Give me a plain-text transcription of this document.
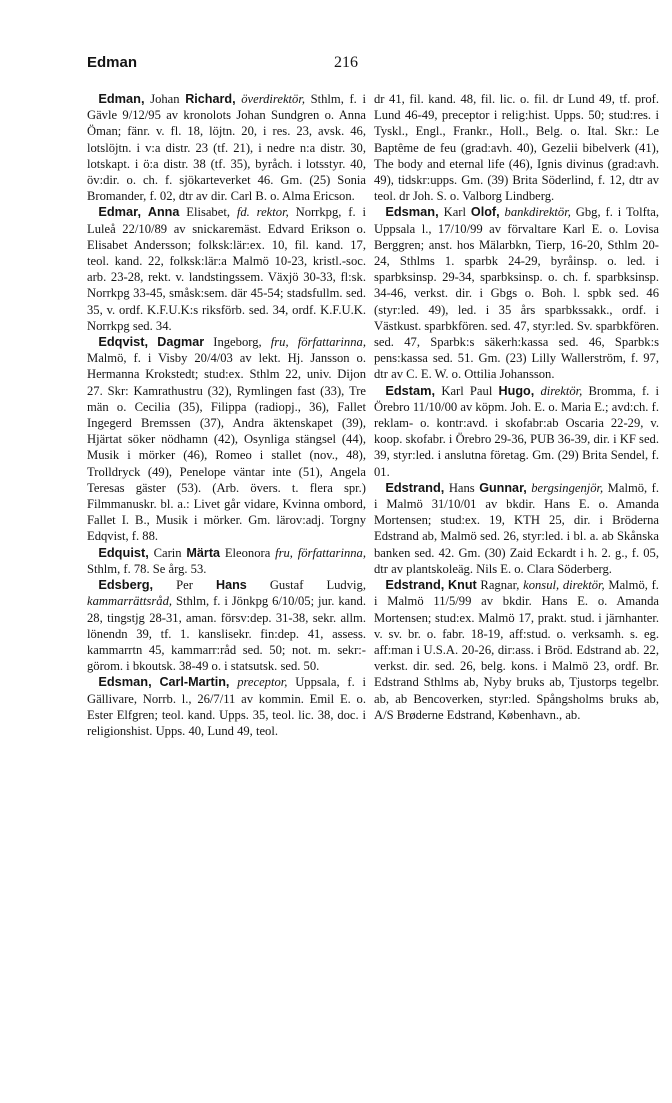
Edman	216

Edman, Johan Richard, överdirektör, Sthlm, f. i Gävle 9/12/95 av kronolots Johan Sundgren o. Anna Öman; fänr. v. fl. 18, löjtn. 20, i res. 23, avsk. 46, lotslöjtn. i v:a distr. 23 (tf. 21), i nedre n:a distr. 30, lotskapt. i ö:a distr. 38 (tf. 35), byråch. i lotsstyr. 40, öv:dir. o. ch. f. sjökarteverket 46. Gm. (25) Sonia Bromander, f. 02, dtr av dir. Carl B. o. Alma Ericson.

Edmar, Anna Elisabet, fd. rektor, Norrkpg, f. i Luleå 22/10/89 av snickaremäst. Edvard Erikson o. Elisabet Andersson; folksk:lär:ex. 10, fil. kand. 17, teol. kand. 22, folksk:lär:a Malmö 10-23, kristl.-soc. arb. 23-28, rekt. v. landstingssem. Växjö 30-33, fl:sk. Norrkpg 33-45, småsk:sem. där 45-54; stadsfullm. sed. 35, v. ordf. K.F.U.K:s riksförb. sed. 34, ordf. K.F.U.K. Norrkpg sed. 34.

Edqvist, Dagmar Ingeborg, fru, författarinna, Malmö, f. i Visby 20/4/03 av lekt. Hj. Jansson o. Hermanna Krokstedt; stud:ex. Sthlm 22, univ. Dijon 27. Skr: Kamrathustru (32), Rymlingen fast (33), Tre män o. Cecilia (35), Filippa (radiopj., 36), Fallet Ingegerd Bremssen (37), Andra äktenskapet (39), Hjärtat söker nödhamn (42), Osynliga stängsel (44), Musik i mörker (46), Romeo i stallet (nov., 48), Trolldryck (49), Penelope väntar inte (51), Angela Teresas gäster (53). (Arb. övers. t. flera spr.) Filmmanuskr. bl. a.: Livet går vidare, Kvinna ombord, Fallet I. B., Musik i mörker. Gm. lärov:adj. Torgny Edqvist, f. 88.

Edquist, Carin Märta Eleonora fru, författarinna, Sthlm, f. 78. Se årg. 53.

Edsberg, Per Hans Gustaf Ludvig, kammarrättsråd, Sthlm, f. i Jönkpg 6/10/05; jur. kand. 28, tingstjg 28-31, aman. försv:dep. 31-38, sekr. allm. lönendn 39, tf. 1. kanslisekr. fin:dep. 41, assess. kammarrtn 45, kammarr:råd sed. 50; not. m. sekr:-görom. i bkoutsk. 38-49 o. i statsutsk. sed. 50.

Edsman, Carl-Martin, preceptor, Uppsala, f. i Gällivare, Norrb. l., 26/7/11 av kommin. Emil E. o. Ester Elfgren; teol. kand. Upps. 35, teol. lic. 38, doc. i religionshist. Upps. 40, Lund 49, teol.

dr 41, fil. kand. 48, fil. lic. o. fil. dr Lund 49, tf. prof. Lund 46-49, preceptor i relig:hist. Upps. 50; stud:res. i Tyskl., Engl., Frankr., Holl., Belg. o. Ital. Skr.: Le Baptême de feu (grad:avh. 40), Gezelii bibelverk (41), The body and eternal life (46), Ignis divinus (grad:avh. 49), tidskr:upps. Gm. (39) Brita Söderlind, f. 12, dtr av teol. dr Joh. S. o. Valborg Lindberg.

Edsman, Karl Olof, bankdirektör, Gbg, f. i Tolfta, Uppsala l., 17/10/99 av förvaltare Karl E. o. Lovisa Berggren; anst. hos Mälarbkn, Tierp, 16-20, Sthlm 20-24, Sthlms 1. sparbk 24-29, byråinsp. o. led. i sparbksinsp. 29-34, sparbksinsp. o. ch. f. sparbksinsp. 34-46, verkst. dir. i Gbgs o. Boh. l. spbk sed. 46 (styr:led. 49), led. i 35 års sparbkssakk., ordf. i Västkust. sparbkfören. sed. 47, styr:led. Sv. sparbkfören. sed. 47, Sparbk:s säkerh:kassa sed. 46, Sparbk:s pens:kassa sed. 51. Gm. (23) Lilly Wallerström, f. 97, dtr av C. E. W. o. Ottilia Johansson.

Edstam, Karl Paul Hugo, direktör, Bromma, f. i Örebro 11/10/00 av köpm. Joh. E. o. Maria E.; avd:ch. f. reklam- o. kontr:avd. i skofabr:ab Oscaria 22-29, v. koop. skofabr. i Örebro 29-36, PUB 36-39, dir. i KF sed. 39, styr:led. i anslutna företag. Gm. (29) Brita Sendel, f. 01.

Edstrand, Hans Gunnar, bergsingenjör, Malmö, f. i Malmö 31/10/01 av bkdir. Hans E. o. Amanda Mortensen; stud:ex. 19, KTH 25, dir. i Bröderna Edstrand ab, Malmö sed. 26, styr:led. i bl. a. ab Skånska banken sed. 42. Gm. (30) Zaid Eckardt i h. 2. g., f. 05, dtr av plantskoleäg. Nils E. o. Clara Söderberg.

Edstrand, Knut Ragnar, konsul, direktör, Malmö, f. i Malmö 11/5/99 av bkdir. Hans E. o. Amanda Mortensen; stud:ex. Malmö 17, prakt. stud. i järnhanter. v. sv. br. o. fabr. 18-19, aff:stud. o. verksamh. s. eg. aff:man i U.S.A. 20-26, dir:ass. i Bröd. Edstrand ab. 22, verkst. dir. sed. 26, belg. kons. i Malmö 23, ordf. Br. Edstrand Sthlms ab, Nyby bruks ab, Tjustorps tegelbr. ab, ab Bencoverken, styr:led. Spångsholms bruks ab, A/S Brøderne Edstrand, København., ab.
